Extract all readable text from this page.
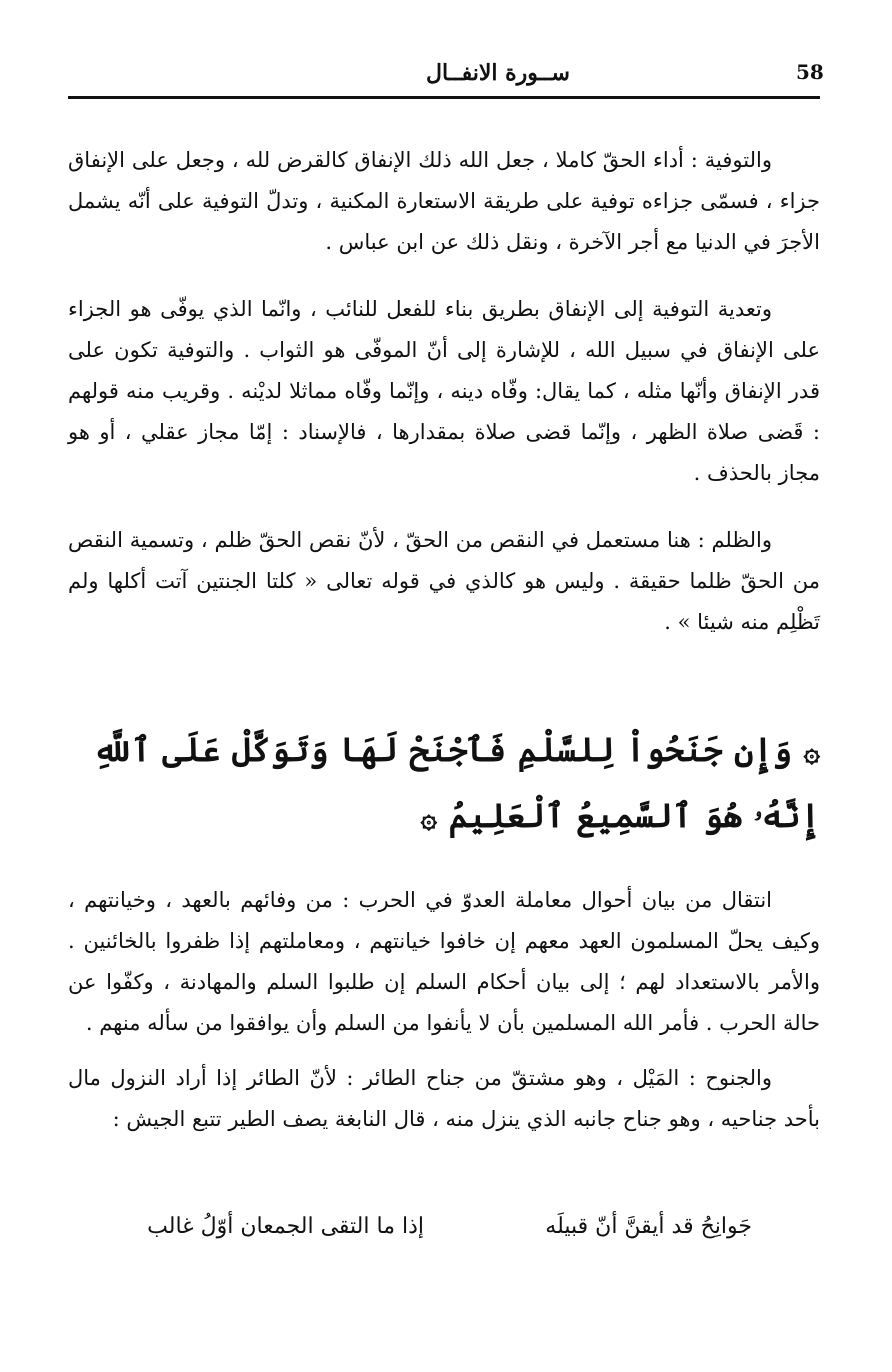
58
ســورة الانفــال

والتوفية : أداء الحقّ كاملا ، جعل الله ذلك الإنفاق كالقرض لله ، وجعل على الإنفاق جزاء ، فسمّى جزاءه توفية على طريقة الاستعارة المكنية ، وتدلّ التوفية على أنّه يشمل الأجرَ في الدنيا مع أجر الآخرة ، ونقل ذلك عن ابن عباس .

وتعدية التوفية إلى الإنفاق بطريق بناء للفعل للنائب ، وانّما الذي يوفّى هو الجزاء على الإنفاق في سبيل الله ، للإشارة إلى أنّ الموفّى هو الثواب . والتوفية تكون على قدر الإنفاق وأنّها مثله ، كما يقال: وفّاه دينه ، وإنّما وفّاه مماثلا لديْنه . وقريب منه قولهم : قَضى صلاة الظهر ، وإنّما قضى صلاة بمقدارها ، فالإسناد : إمّا مجاز عقلي ، أو هو مجاز بالحذف .

والظلم : هنا مستعمل في النقص من الحقّ ، لأنّ نقص الحقّ ظلم ، وتسمية النقص من الحقّ ظلما حقيقة . وليس هو كالذي في قوله تعالى « كلتا الجنتين آتت أكلها ولم تَظْلِم منه شيئا » .

۞ وَإِن جَنَحُواْ لِلسَّلْمِ فَٱجْنَحْ لَهَا وَتَوَكَّلْ عَلَى ٱللَّهِ إِنَّهُۥ هُوَ ٱلسَّمِيعُ ٱلْعَلِيمُ ۞

انتقال من بيان أحوال معاملة العدوّ في الحرب : من وفائهم بالعهد ، وخيانتهم ، وكيف يحلّ المسلمون العهد معهم إن خافوا خيانتهم ، ومعاملتهم إذا ظفروا بالخائنين . والأمر بالاستعداد لهم ؛ إلى بيان أحكام السلم إن طلبوا السلم والمهادنة ، وكفّوا عن حالة الحرب . فأمر الله المسلمين بأن لا يأنفوا من السلم وأن يوافقوا من سأله منهم .

والجنوح : المَيْل ، وهو مشتقّ من جناح الطائر : لأنّ الطائر إذا أراد النزول مال بأحد جناحيه ، وهو جناح جانبه الذي ينزل منه ، قال النابغة يصف الطير تتبع الجيش :

جَوانِحُ قد أيقنَّ أنّ قبيلَه
إذا ما التقى الجمعان أوّلُ غالب
